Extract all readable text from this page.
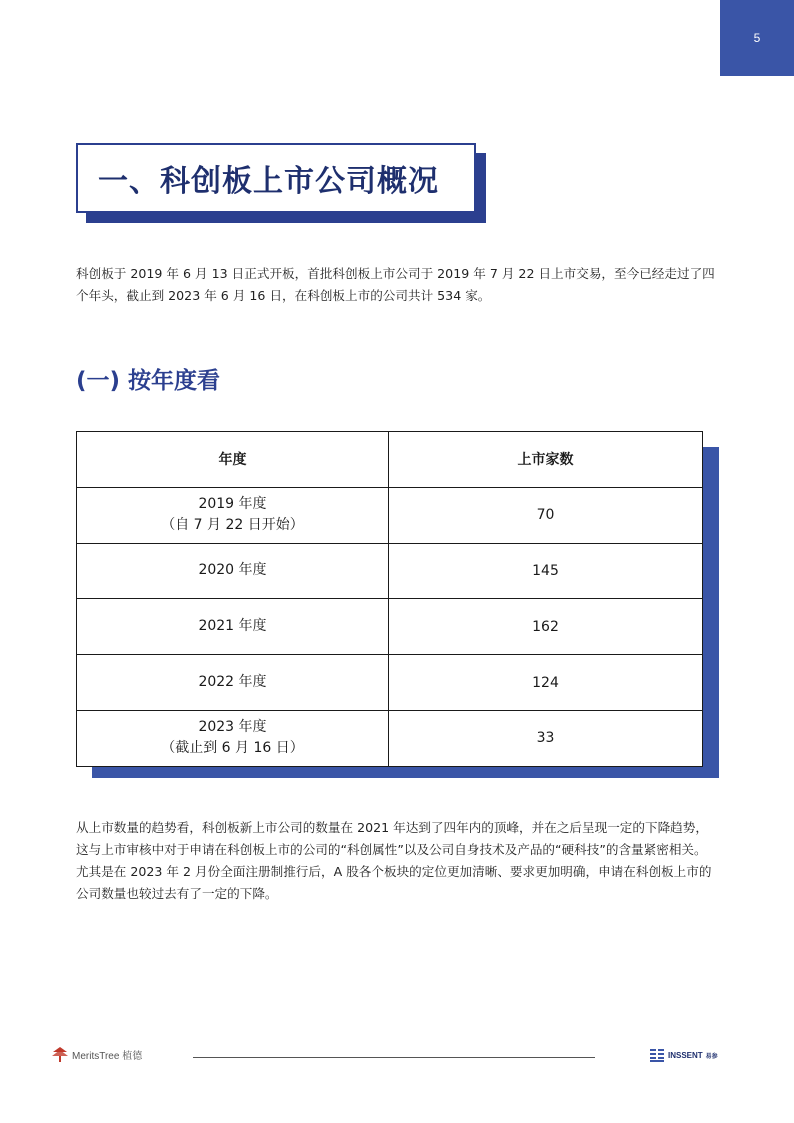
5
一、科创板上市公司概况

科创板于 2019 年 6 月 13 日正式开板，首批科创板上市公司于 2019 年 7 月 22 日上市交易，至今已经走过了四个年头，截止到 2023 年 6 月 16 日，在科创板上市的公司共计 534 家。

(一) 按年度看
年度	上市家数

2019 年度
（自 7 月 22 日开始）	70

2020 年度	145

2021 年度	162

2022 年度	124

2023 年度
（截止到 6 月 16 日）	33

从上市数量的趋势看，科创板新上市公司的数量在 2021 年达到了四年内的顶峰，并在之后呈现一定的下降趋势，这与上市审核中对于申请在科创板上市的公司的“科创属性”以及公司自身技术及产品的“硬科技”的含量紧密相关。尤其是在 2023 年 2 月份全面注册制推行后，A 股各个板块的定位更加清晰、要求更加明确，申请在科创板上市的公司数量也较过去有了一定的下降。

MeritsTree 植德	INSSENT 易参
